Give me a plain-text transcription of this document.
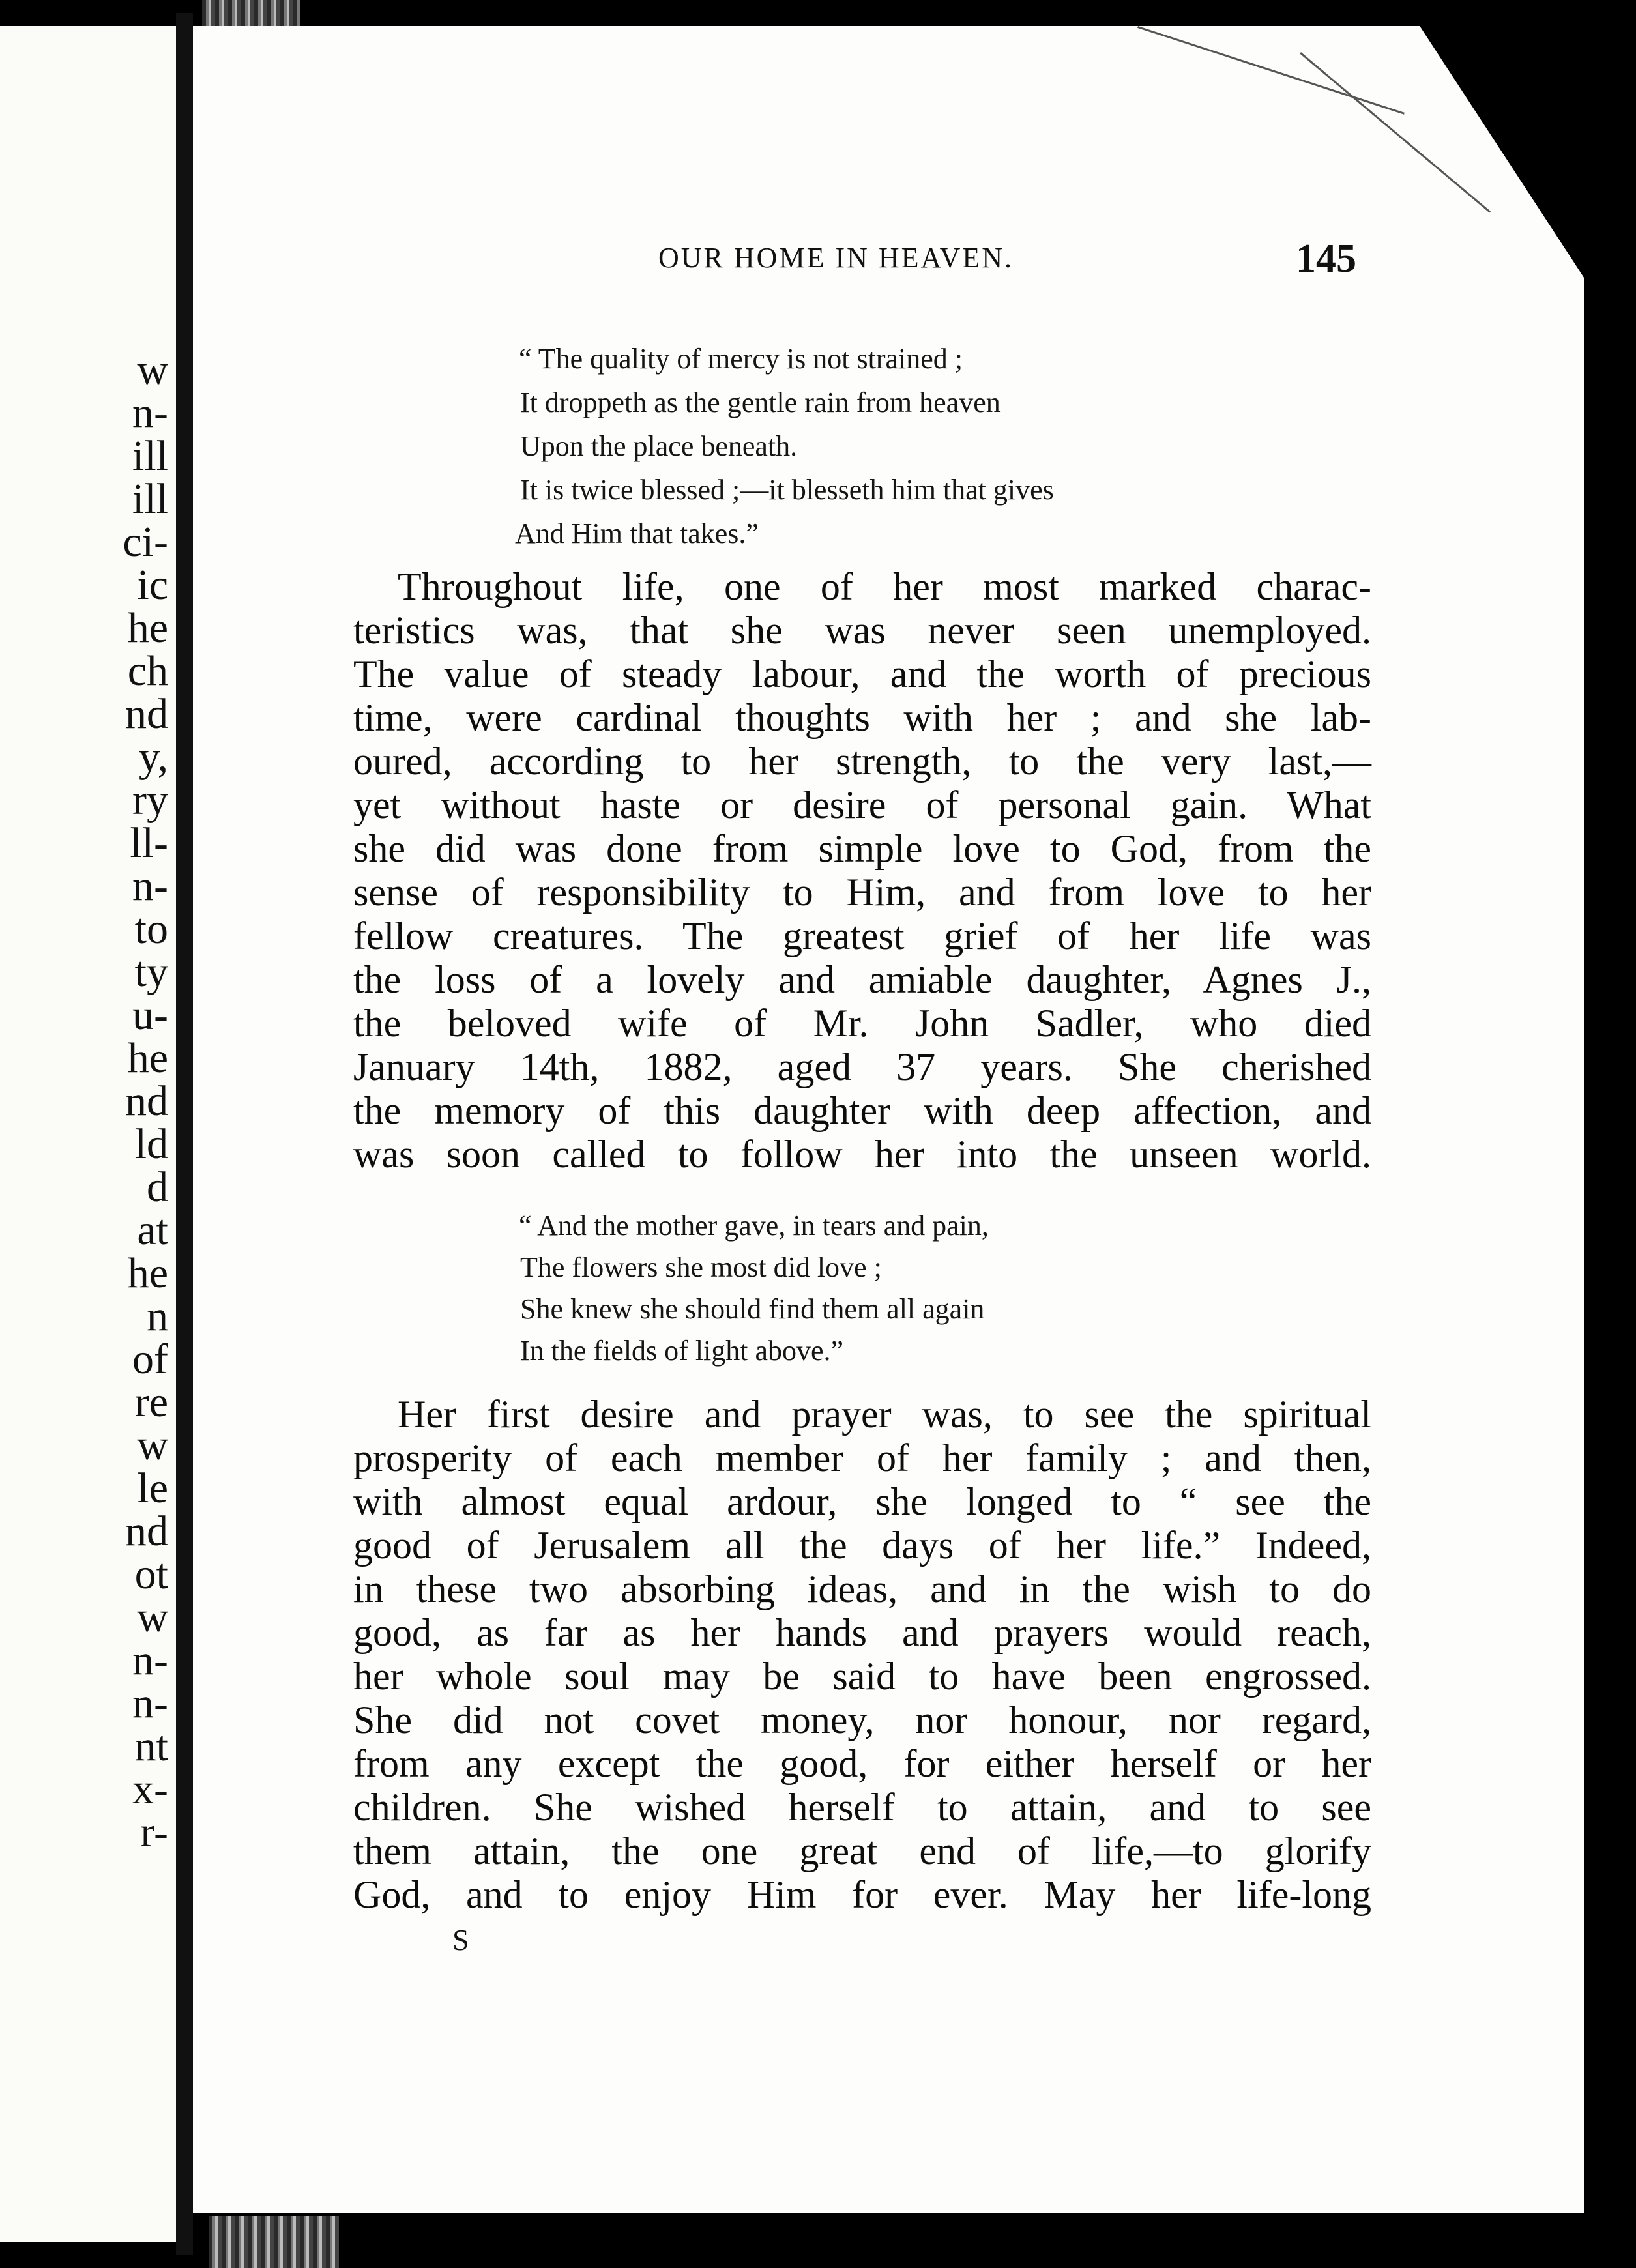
w
n-
ill
ill
ci-
ic
he
ch
nd
y,
ry
ll-
n-
to
ty
u-
he
nd
ld
d
at
he
n
of
re
w
le
nd
ot
w
n-
n-
nt
x-
r-
OUR HOME IN HEAVEN.	145
“ The quality of mercy is not strained ;
It droppeth as the gentle rain from heaven
Upon the place beneath.
It is twice blessed ;—it blesseth him that gives
And Him that takes.”
Throughout life, one of her most marked charac-
teristics was, that she was never seen unemployed.
The value of steady labour, and the worth of precious
time, were cardinal thoughts with her ; and she lab-
oured, according to her strength, to the very last,—
yet without haste or desire of personal gain. What
she did was done from simple love to God, from the
sense of responsibility to Him, and from love to her
fellow creatures. The greatest grief of her life was
the loss of a lovely and amiable daughter, Agnes J.,
the beloved wife of Mr. John Sadler, who died
January 14th, 1882, aged 37 years. She cherished
the memory of this daughter with deep affection, and
was soon called to follow her into the unseen world.
“ And the mother gave, in tears and pain,
The flowers she most did love ;
She knew she should find them all again
In the fields of light above.”
Her first desire and prayer was, to see the spiritual
prosperity of each member of her family ; and then,
with almost equal ardour, she longed to “ see the
good of Jerusalem all the days of her life.” Indeed,
in these two absorbing ideas, and in the wish to do
good, as far as her hands and prayers would reach,
her whole soul may be said to have been engrossed.
She did not covet money, nor honour, nor regard,
from any except the good, for either herself or her
children. She wished herself to attain, and to see
them attain, the one great end of life,—to glorify
God, and to enjoy Him for ever. May her life-long
S
